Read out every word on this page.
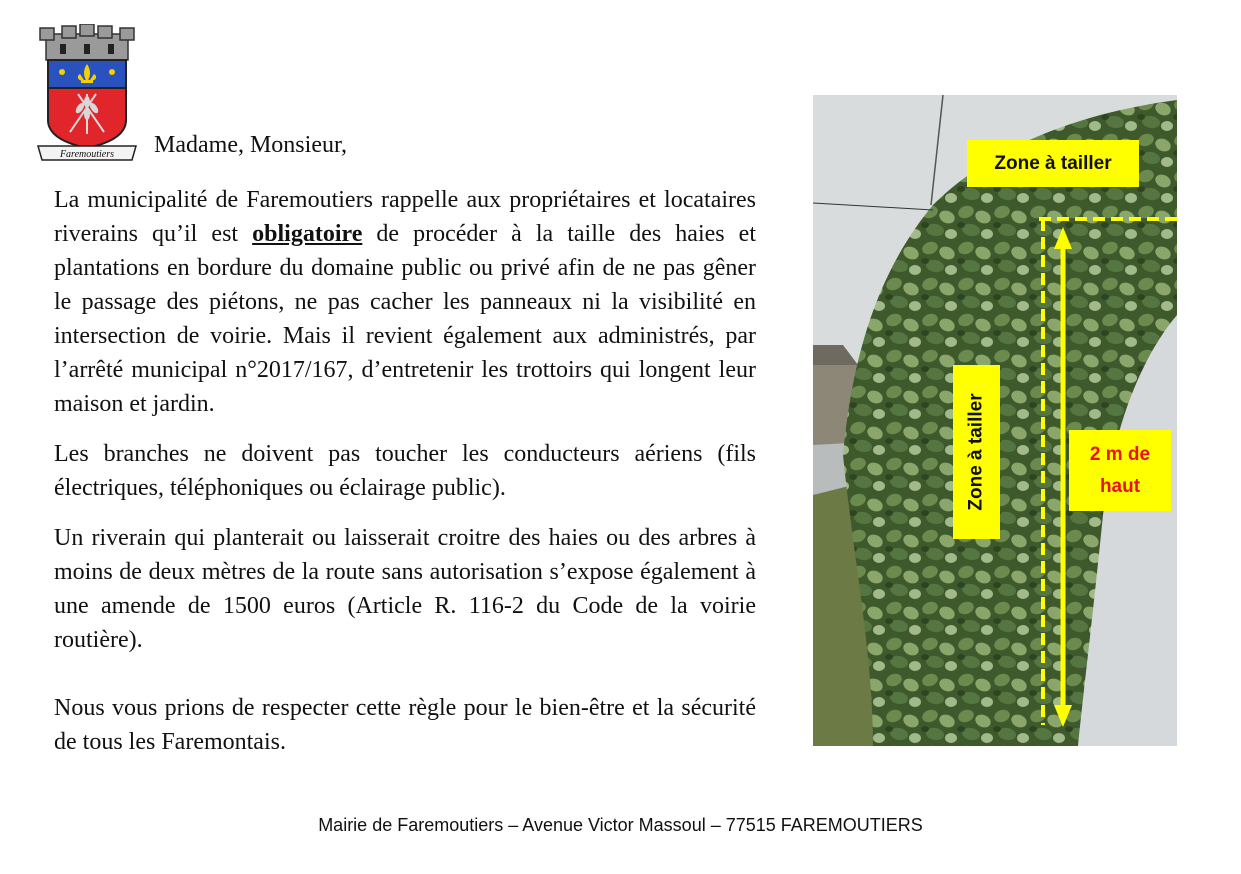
Faremoutiers Madame, Monsieur,

La municipalité de Faremoutiers rappelle aux propriétaires et locataires riverains qu’il est obligatoire de procéder à la taille des haies et plantations en bordure du domaine public ou privé afin de ne pas gêner le passage des piétons, ne pas cacher les panneaux ni la visibilité en intersection de voirie. Mais il revient également aux administrés, par l’arrêté municipal n°2017/167, d’entretenir les trottoirs qui longent leur maison et jardin.

Les branches ne doivent pas toucher les conducteurs aériens (fils électriques, téléphoniques ou éclairage public).

Un riverain qui planterait ou laisserait croitre des haies ou des arbres à moins de deux mètres de la route sans autorisation s’expose également à une amende de 1500 euros (Article R. 116-2 du Code de la voirie routière).

Nous vous prions de respecter cette règle pour le bien-être et la sécurité de tous les Faremontais.

Zone à tailler
Zone à tailler	2 m de
haut
Mairie de Faremoutiers – Avenue Victor Massoul – 77515 FAREMOUTIERS
